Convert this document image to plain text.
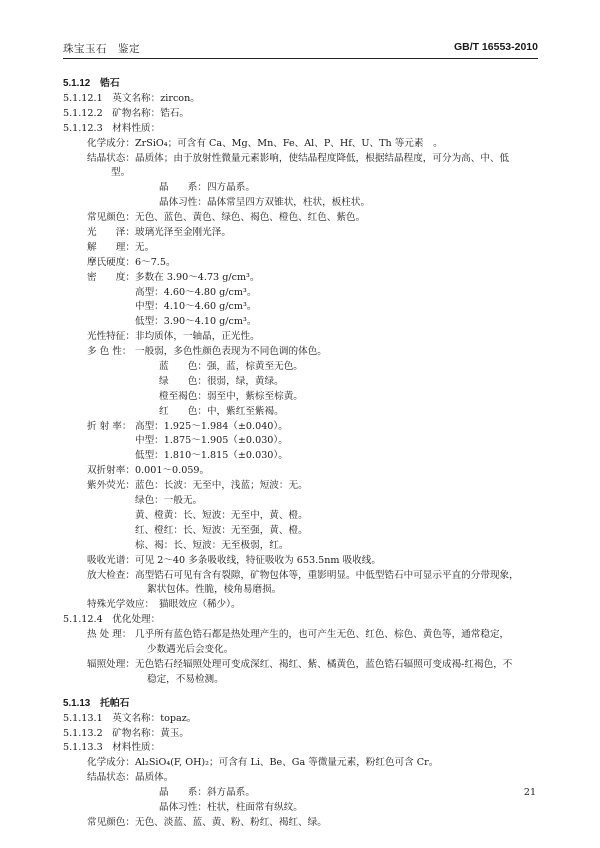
珠宝玉石　鉴定	GB/T 16553-2010
5.1.12　锆石
5.1.12.1　英文名称：zircon。
5.1.12.2　矿物名称：锆石。
5.1.12.3　材料性质：
化学成分： ZrSiO₄；可含有 Ca、Mg、Mn、Fe、Al、P、Hf、U、Th 等元素　。
结晶状态： 晶质体；由于放射性微量元素影响，使结晶程度降低，根据结晶程度，可分为高、中、低
型。
晶　　系：四方晶系。
晶体习性：晶体常呈四方双锥状，柱状，板柱状。
常见颜色： 无色、蓝色、黄色、绿色、褐色、橙色、红色、紫色。
光　　泽： 玻璃光泽至金刚光泽。
解　　理： 无。
摩氏硬度： 6～7.5。
密　　度： 多数在 3.90～4.73 g/cm³。
高型：4.60～4.80 g/cm³。
中型：4.10～4.60 g/cm³。
低型：3.90～4.10 g/cm³。
光性特征： 非均质体，一轴晶，正光性。
多 色 性： 一般弱，多色性颜色表现为不同色调的体色。
蓝　　色：强，蓝，棕黄至无色。
绿　　色：很弱，绿，黄绿。
橙至褐色：弱至中，紫棕至棕黄。
红　　色：中，紫红至紫褐。
折 射 率： 高型：1.925～1.984（±0.040）。
中型：1.875～1.905（±0.030）。
低型：1.810～1.815（±0.030）。
双折射率： 0.001～0.059。
紫外荧光： 蓝色：长波：无至中，浅蓝；短波：无。
绿色：一般无。
黄、橙黄：长、短波：无至中，黄、橙。
红、橙红：长、短波：无至强，黄、橙。
棕、褐：长、短波：无至极弱，红。
吸收光谱： 可见 2～40 多条吸收线，特征吸收为 653.5nm 吸收线。
放大检查： 高型锆石可见有含有裂隙，矿物包体等，重影明显。中低型锆石中可显示平直的分带现象，
絮状包体。性脆，棱角易磨损。
特殊光学效应： 猫眼效应（稀少）。
5.1.12.4　优化处理：
热 处 理： 几乎所有蓝色锆石都是热处理产生的，也可产生无色、红色、棕色、黄色等，通常稳定，
少数遇光后会变化。
辐照处理： 无色锆石经辐照处理可变成深红、褐红、紫、橘黄色，蓝色锆石辐照可变成褐-红褐色，不
稳定，不易检测。
5.1.13　托帕石
5.1.13.1　英文名称：topaz。
5.1.13.2　矿物名称：黄玉。
5.1.13.3　材料性质：
化学成分： Al₂SiO₄(F, OH)₂；可含有 Li、Be、Ga 等微量元素，粉红色可含 Cr。
结晶状态： 晶质体。
晶　　系：斜方晶系。
晶体习性：柱状，柱面常有纵纹。
常见颜色： 无色、淡蓝、蓝、黄、粉、粉红、褐红、绿。
21
